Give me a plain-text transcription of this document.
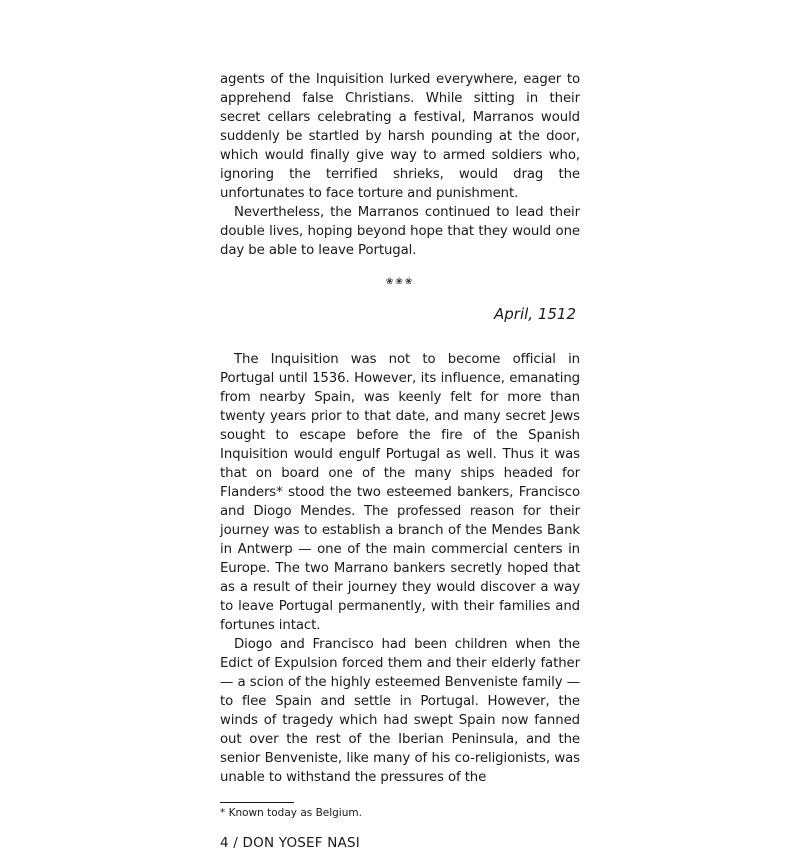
agents of the Inquisition lurked everywhere, eager to apprehend false Christians. While sitting in their secret cellars celebrating a festival, Marranos would suddenly be startled by harsh pounding at the door, which would finally give way to armed soldiers who, ignoring the terrified shrieks, would drag the unfortunates to face torture and punishment.

Nevertheless, the Marranos continued to lead their double lives, hoping beyond hope that they would one day be able to leave Portugal.

❀❀❀
April, 1512

The Inquisition was not to become official in Portugal until 1536. However, its influence, emanating from nearby Spain, was keenly felt for more than twenty years prior to that date, and many secret Jews sought to escape before the fire of the Spanish Inquisition would engulf Portugal as well. Thus it was that on board one of the many ships headed for Flanders* stood the two esteemed bankers, Francisco and Diogo Mendes. The professed reason for their journey was to establish a branch of the Mendes Bank in Antwerp — one of the main commercial centers in Europe. The two Marrano bankers secretly hoped that as a result of their journey they would discover a way to leave Portugal permanently, with their families and fortunes intact.

Diogo and Francisco had been children when the Edict of Expulsion forced them and their elderly father — a scion of the highly esteemed Benveniste family — to flee Spain and settle in Portugal. However, the winds of tragedy which had swept Spain now fanned out over the rest of the Iberian Peninsula, and the senior Benveniste, like many of his co-religionists, was unable to withstand the pressures of the

* Known today as Belgium.
4 / DON YOSEF NASI
